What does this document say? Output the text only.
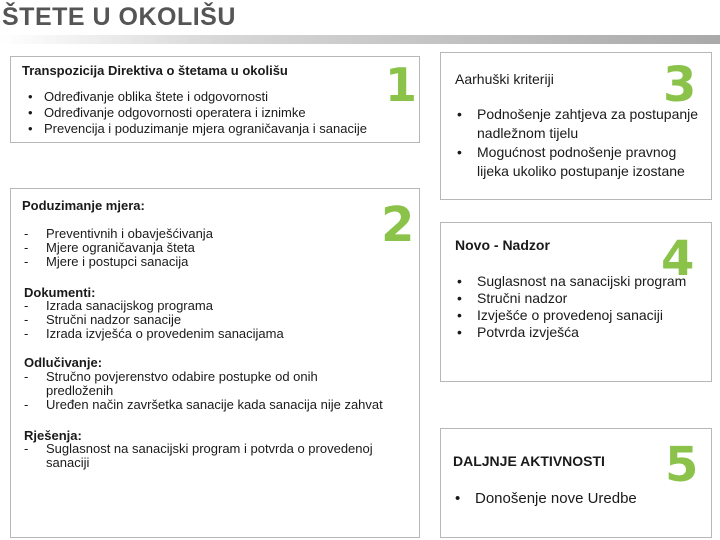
ŠTETE U OKOLIŠU
Transpozicija Direktiva o štetama u okolišu 1
• Određivanje oblika štete i odgovornosti
• Određivanje odgovornosti operatera i iznimke
• Prevencija i poduzimanje mjera ograničavanja i sanacije
Poduzimanje mjera:	2
- Preventivnih i obavješćivanja
- Mjere ograničavanja šteta
- Mjere i postupci sanacija
Dokumenti:
- Izrada sanacijskog programa
- Stručni nadzor sanacije
- Izrada izvješća o provedenim sanacijama
Odlučivanje:
- Stručno povjerenstvo odabire postupke od onih predloženih
- Uređen način završetka sanacije kada sanacija nije zahvat
Rješenja:
- Suglasnost na sanacijski program i potvrda o provedenoj sanaciji
Aarhuški kriteriji 3
• Podnošenje zahtjeva za postupanje nadležnom tijelu
• Mogućnost podnošenje pravnog lijeka ukoliko postupanje izostane
Novo - Nadzor 4
• Suglasnost na sanacijski program
• Stručni nadzor
• Izvješće o provedenoj sanaciji
• Potvrda izvješća
DALJNJE AKTIVNOSTI 5
• Donošenje nove Uredbe
